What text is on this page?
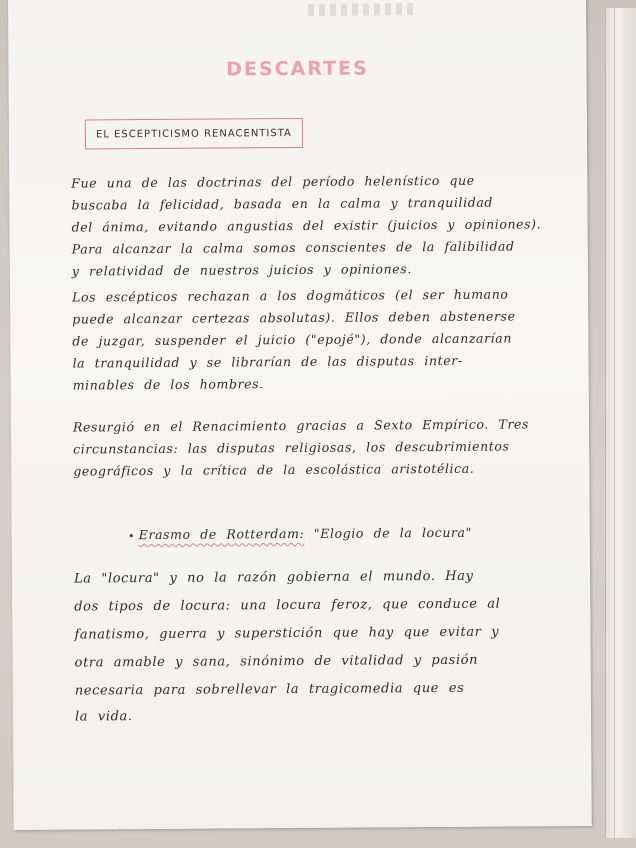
DESCARTES
EL ESCEPTICISMO RENACENTISTA
Fue una de las doctrinas del período helenístico que
buscaba la felicidad, basada en la calma y tranquilidad
del ánima, evitando angustias del existir (juicios y opiniones).
Para alcanzar la calma somos conscientes de la falibilidad
y relatividad de nuestros juicios y opiniones.
Los escépticos rechazan a los dogmáticos (el ser humano
puede alcanzar certezas absolutas). Ellos deben abstenerse
de juzgar, suspender el juicio ("epojé"), donde alcanzarían
la tranquilidad y se librarían de las disputas inter-
minables de los hombres.
Resurgió en el Renacimiento gracias a Sexto Empírico. Tres
circunstancias: las disputas religiosas, los descubrimientos
geográficos y la crítica de la escolástica aristotélica.
Erasmo de Rotterdam: "Elogio de la locura"
La "locura" y no la razón gobierna el mundo. Hay
dos tipos de locura: una locura feroz, que conduce al
fanatismo, guerra y superstición que hay que evitar y
otra amable y sana, sinónimo de vitalidad y pasión
necesaria para sobrellevar la tragicomedia que es
la vida.
